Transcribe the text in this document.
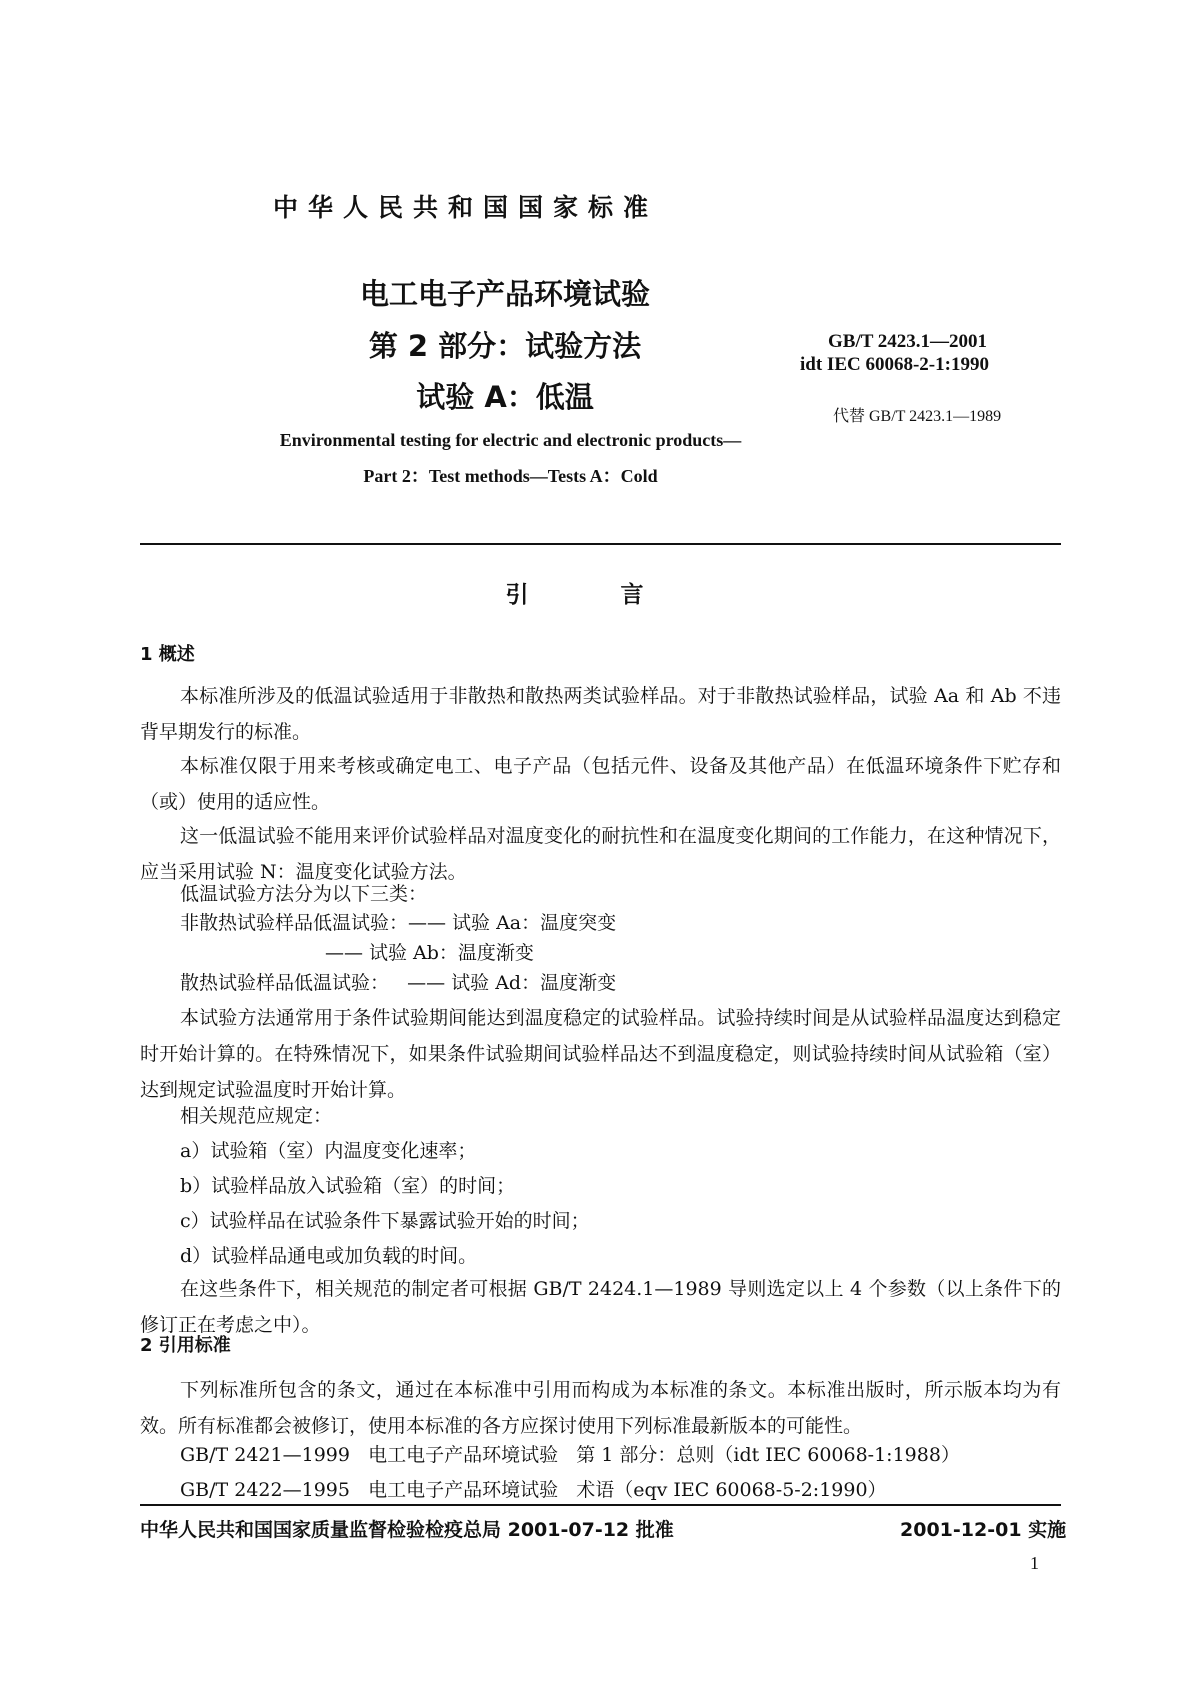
中华人民共和国国家标准
电工电子产品环境试验
第 2 部分：试验方法
试验 A：低温
GB/T 2423.1—2001
idt IEC 60068-2-1:1990
代替 GB/T 2423.1—1989
Environmental testing for electric and electronic products—
Part 2：Test methods—Tests A：Cold
引 言
1 概述
本标准所涉及的低温试验适用于非散热和散热两类试验样品。对于非散热试验样品，试验 Aa 和 Ab 不违背早期发行的标准。
本标准仅限于用来考核或确定电工、电子产品（包括元件、设备及其他产品）在低温环境条件下贮存和（或）使用的适应性。
这一低温试验不能用来评价试验样品对温度变化的耐抗性和在温度变化期间的工作能力，在这种情况下，应当采用试验 N：温度变化试验方法。
低温试验方法分为以下三类：
非散热试验样品低温试验：—— 试验 Aa：温度突变
—— 试验 Ab：温度渐变
散热试验样品低温试验：   —— 试验 Ad：温度渐变
本试验方法通常用于条件试验期间能达到温度稳定的试验样品。试验持续时间是从试验样品温度达到稳定时开始计算的。在特殊情况下，如果条件试验期间试验样品达不到温度稳定，则试验持续时间从试验箱（室）达到规定试验温度时开始计算。
相关规范应规定：
a）试验箱（室）内温度变化速率；
b）试验样品放入试验箱（室）的时间；
c）试验样品在试验条件下暴露试验开始的时间；
d）试验样品通电或加负载的时间。
在这些条件下，相关规范的制定者可根据 GB/T 2424.1—1989 导则选定以上 4 个参数（以上条件下的修订正在考虑之中）。
2 引用标准
下列标准所包含的条文，通过在本标准中引用而构成为本标准的条文。本标准出版时，所示版本均为有效。所有标准都会被修订，使用本标准的各方应探讨使用下列标准最新版本的可能性。
GB/T 2421—1999   电工电子产品环境试验   第 1 部分：总则（idt IEC 60068-1:1988）
GB/T 2422—1995   电工电子产品环境试验   术语（eqv IEC 60068-5-2:1990）
中华人民共和国国家质量监督检验检疫总局 2001-07-12 批准	2001-12-01 实施
1
